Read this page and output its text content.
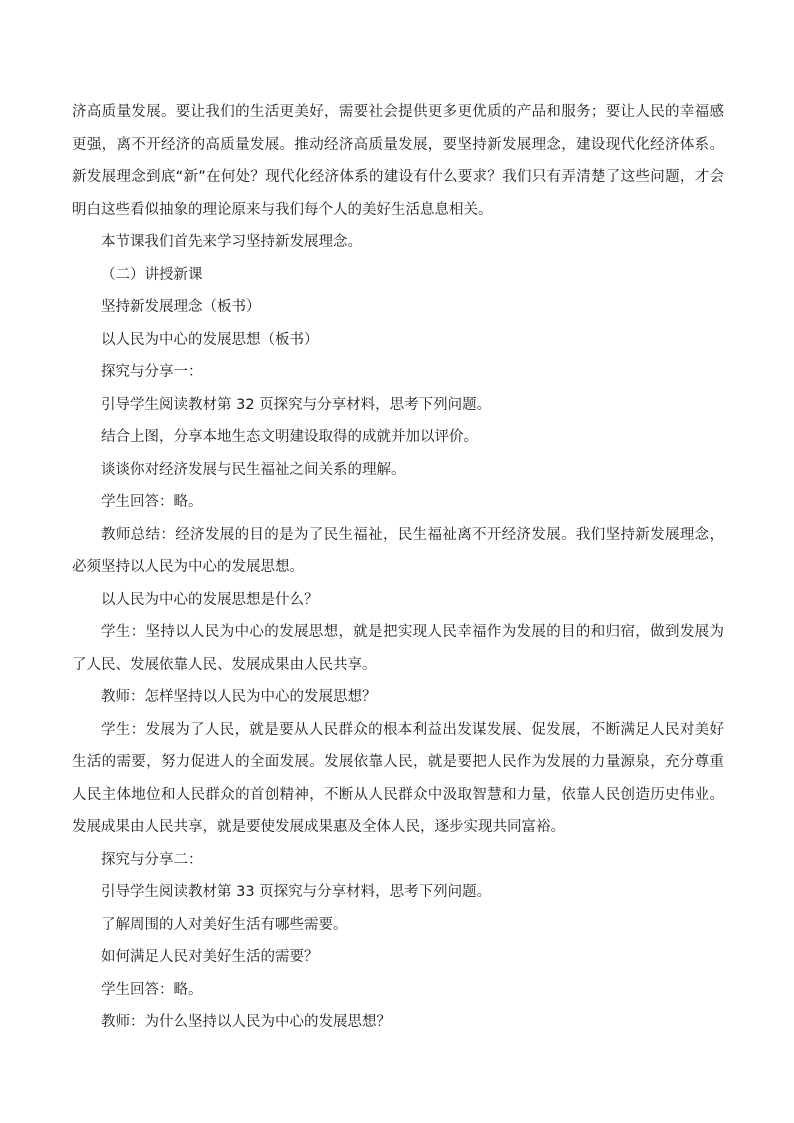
济高质量发展。要让我们的生活更美好，需要社会提供更多更优质的产品和服务；要让人民的幸福感更强，离不开经济的高质量发展。推动经济高质量发展，要坚持新发展理念，建设现代化经济体系。新发展理念到底“新”在何处？现代化经济体系的建设有什么要求？我们只有弄清楚了这些问题，才会明白这些看似抽象的理论原来与我们每个人的美好生活息息相关。

本节课我们首先来学习坚持新发展理念。

（二）讲授新课

坚持新发展理念（板书）

以人民为中心的发展思想（板书）

探究与分享一：

引导学生阅读教材第 32 页探究与分享材料，思考下列问题。

结合上图，分享本地生态文明建设取得的成就并加以评价。

谈谈你对经济发展与民生福祉之间关系的理解。

学生回答：略。

教师总结：经济发展的目的是为了民生福祉，民生福祉离不开经济发展。我们坚持新发展理念，必须坚持以人民为中心的发展思想。

以人民为中心的发展思想是什么？

学生：坚持以人民为中心的发展思想，就是把实现人民幸福作为发展的目的和归宿，做到发展为了人民、发展依靠人民、发展成果由人民共享。

教师：怎样坚持以人民为中心的发展思想？

学生：发展为了人民，就是要从人民群众的根本利益出发谋发展、促发展，不断满足人民对美好生活的需要，努力促进人的全面发展。发展依靠人民，就是要把人民作为发展的力量源泉，充分尊重人民主体地位和人民群众的首创精神，不断从人民群众中汲取智慧和力量，依靠人民创造历史伟业。发展成果由人民共享，就是要使发展成果惠及全体人民，逐步实现共同富裕。

探究与分享二：

引导学生阅读教材第 33 页探究与分享材料，思考下列问题。

了解周围的人对美好生活有哪些需要。

如何满足人民对美好生活的需要？

学生回答：略。

教师：为什么坚持以人民为中心的发展思想？
